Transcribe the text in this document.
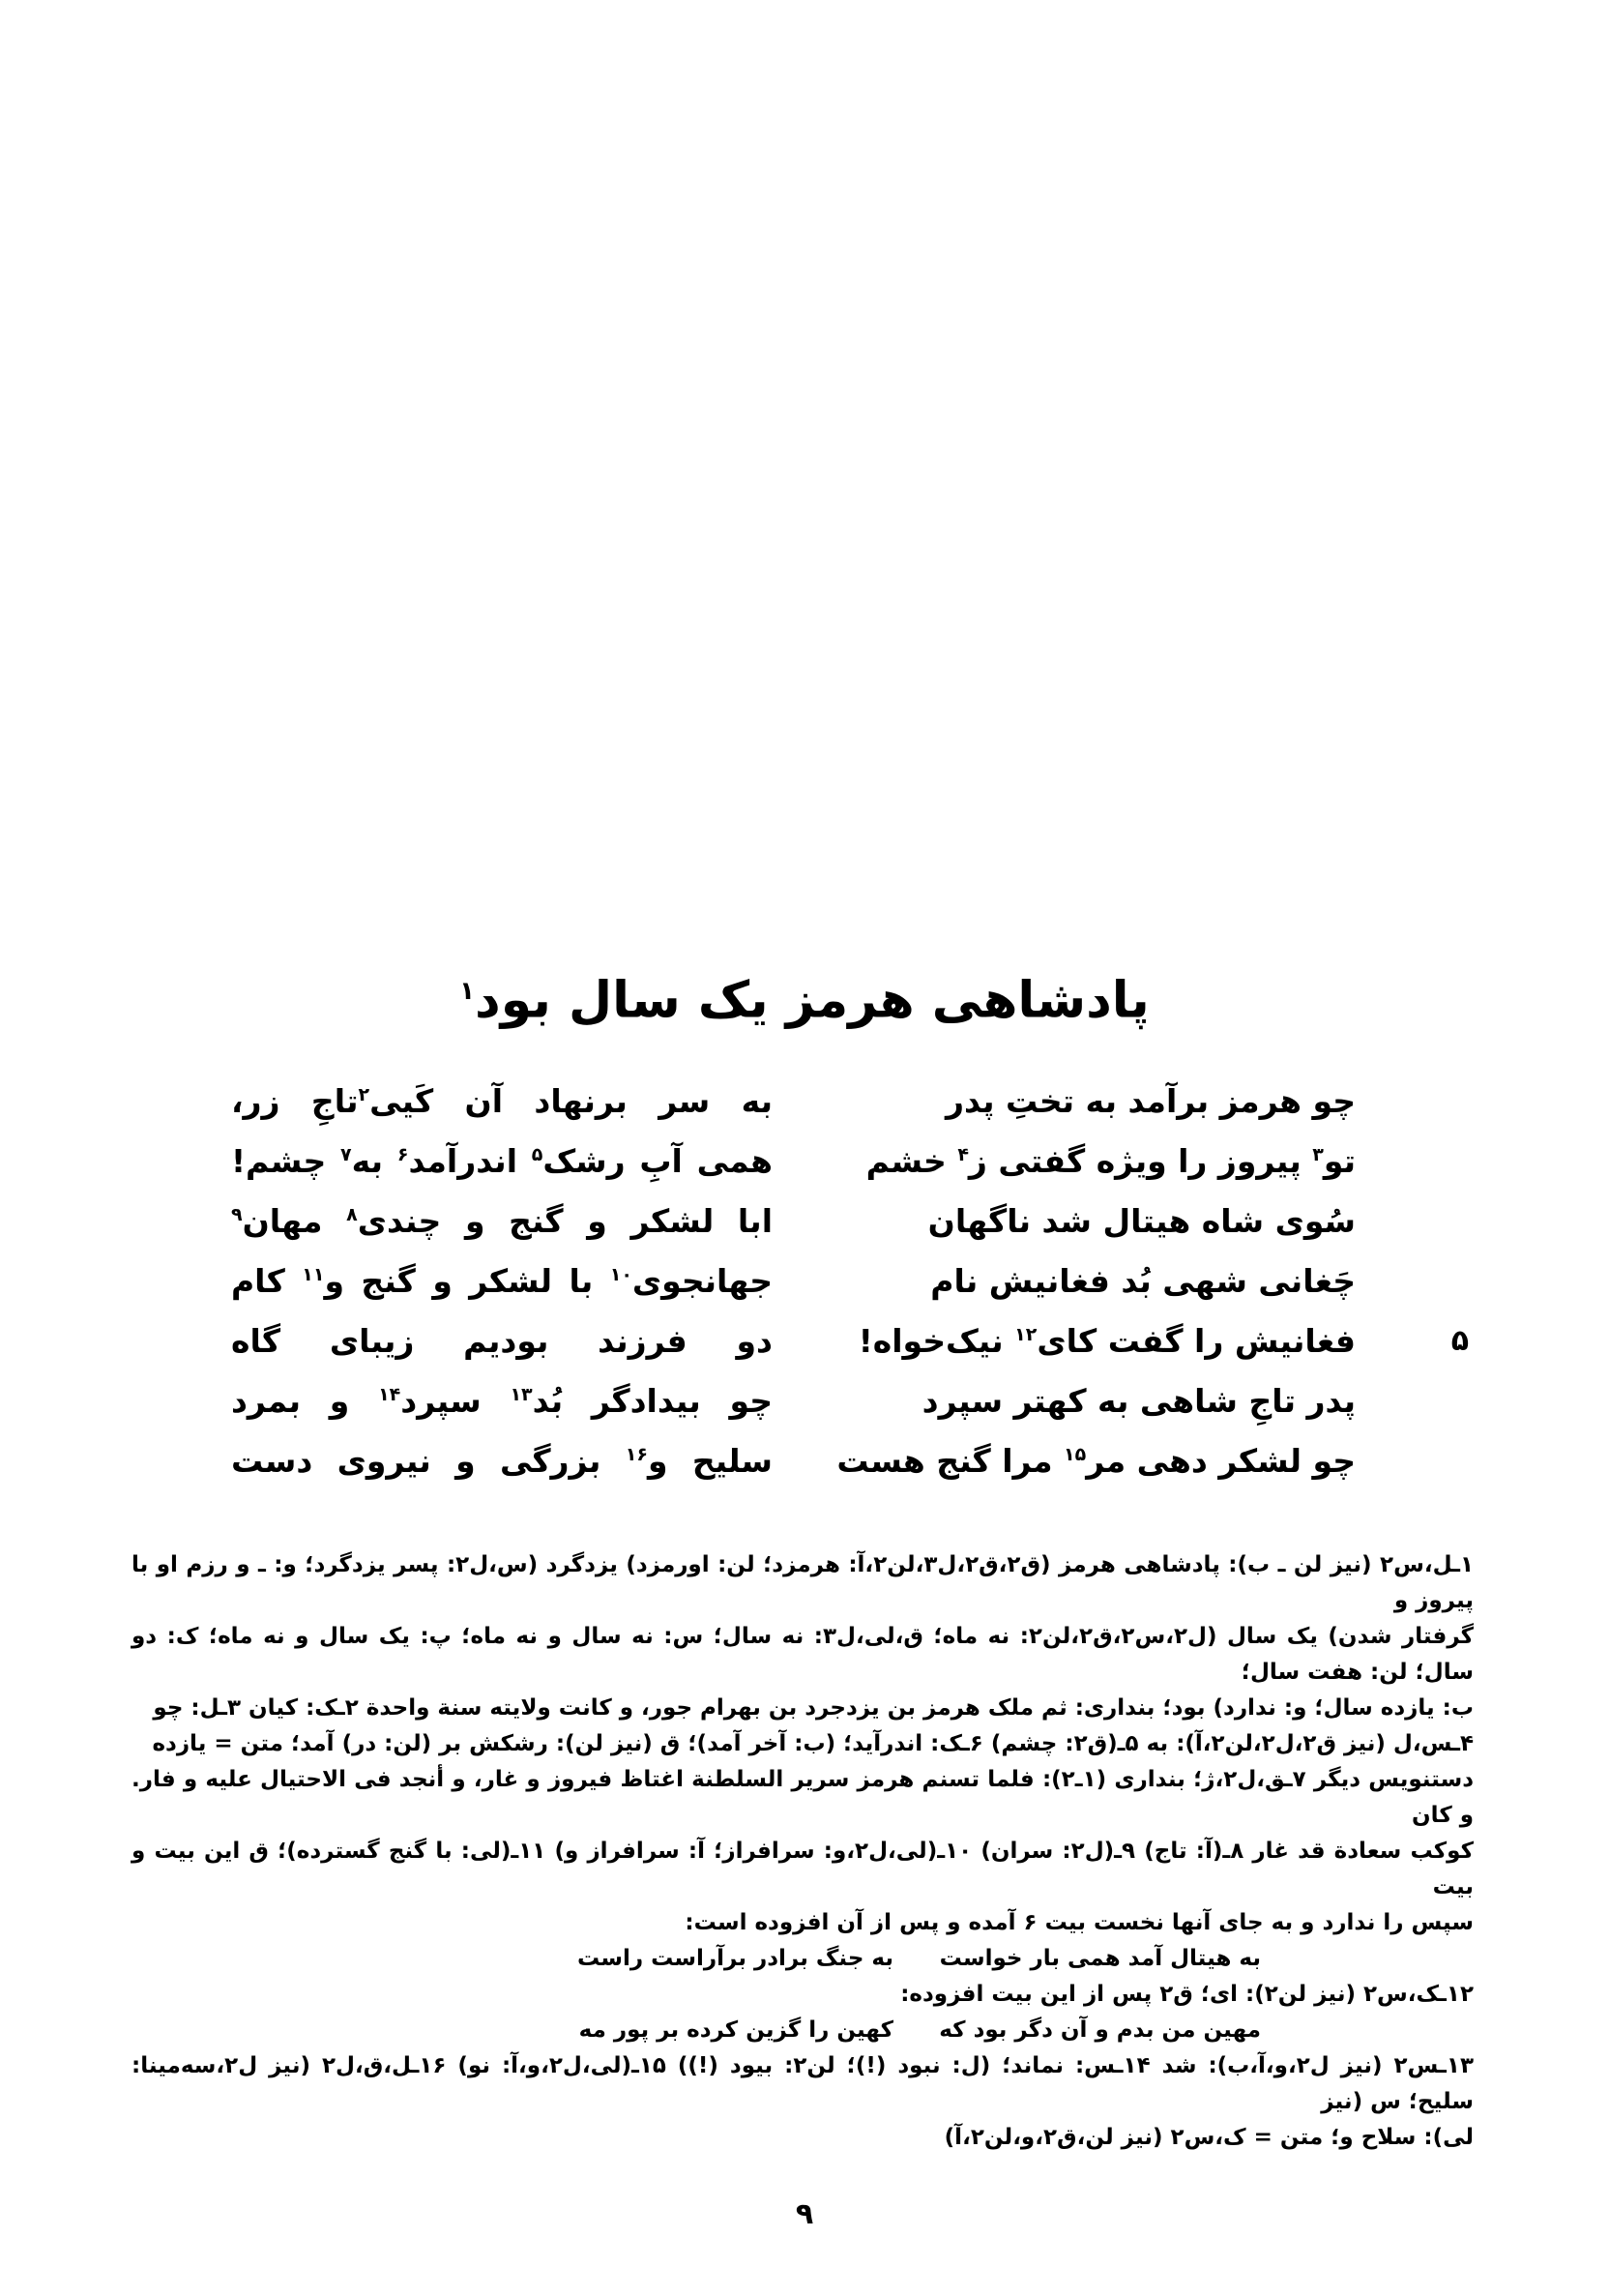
پادشاهی هرمز یک سال بود$^۱$
چو هرمز برآمد به تختِ پدر
به سر برنهاد آن کَیی$^۲$تاجِ زر،
تو$^۳$ پیروز را ویژه گفتی ز$^۴$ خشم
همی آبِ رشک$^۵$ اندرآمد$^۶$ به$^۷$ چشم!
سُوی شاه هیتال شد ناگهان
ابا لشکر و گنج و چندی$^۸$ مهان$^۹$
چَغانی شهی بُد فغانیش نام
جهانجوی$^{۱۰}$ با لشکر و گنج و$^{۱۱}$ کام
۵
فغانیش را گفت کای$^{۱۲}$ نیک‌خواه!
دو فرزند بودیم زیبای گاه
پدر تاجِ شاهی به کهتر سپرد
چو بیدادگر بُد$^{۱۳}$ سپرد$^{۱۴}$ و بمرد
چو لشکر دهی مر$^{۱۵}$ مرا گنج هست
سلیح و$^{۱۶}$ بزرگی و نیروی دست

۱ـل،س۲ (نیز لن ـ ب): پادشاهی هرمز (ق۲،ق۲،ل۳،لن۲،آ: هرمزد؛ لن: اورمزد) یزدگرد (س،ل۲: پسر یزدگرد؛ و: ـ و رزم او با پیروز و

گرفتار شدن) یک سال (ل۲،س۲،ق۲،لن۲: نه ماه؛ ق،لی،ل۳: نه سال؛ س: نه سال و نه ماه؛ پ: یک سال و نه ماه؛ ک: دو سال؛ لن: هفت سال؛

ب: یازده سال؛ و: ندارد) بود؛ بنداری: ثم ملک هرمز بن یزدجرد بن بهرام جور، و کانت ولایته سنة واحدة ۲ـک: کیان ۳ـل: چو

۴ـس،ل (نیز ق۲،ل۲،لن۲،آ): به ۵ـ(ق۲: چشم) ۶ـک: اندرآید؛ (ب: آخر آمد)؛ ق (نیز لن): رشکش بر (لن: در) آمد؛ متن = یازده

دستنویس دیگر ۷ـق،ل۲،ژ؛ بنداری (۱ـ۲): فلما تسنم هرمز سریر السلطنة اغتاظ فیروز و غار، و أنجد فی الاحتیال علیه و فار. و کان

کوکب سعادة قد غار ۸ـ(آ: تاج) ۹ـ(ل۲: سران) ۱۰ـ(لی،ل۲،و: سرافراز؛ آ: سرافراز و) ۱۱ـ(لی: با گنج گسترده)؛ ق این بیت و بیت

سپس را ندارد و به جای آنها نخست بیت ۶ آمده و پس از آن افزوده است:

به هیتال آمد همی بار خواست
به جنگ برادر برآراست راست

۱۲ـک،س۲ (نیز لن۲): ای؛ ق۲ پس از این بیت افزوده:

مهین من بدم و آن دگر بود که
کهین را گزین کرده بر پور مه

۱۳ـس۲ (نیز ل۲،و،آ،ب): شد ۱۴ـس: نماند؛ (ل: نبود (!)؛ لن۲: بیود (!)) ۱۵ـ(لی،ل۲،و،آ: نو) ۱۶ـل،ق،ل۲ (نیز ل۲،سه‌مینا: سلیح؛ س (نیز

لی): سلاح و؛ متن = ک،س۲ (نیز لن،ق۲،و،لن۲،آ)

۹
